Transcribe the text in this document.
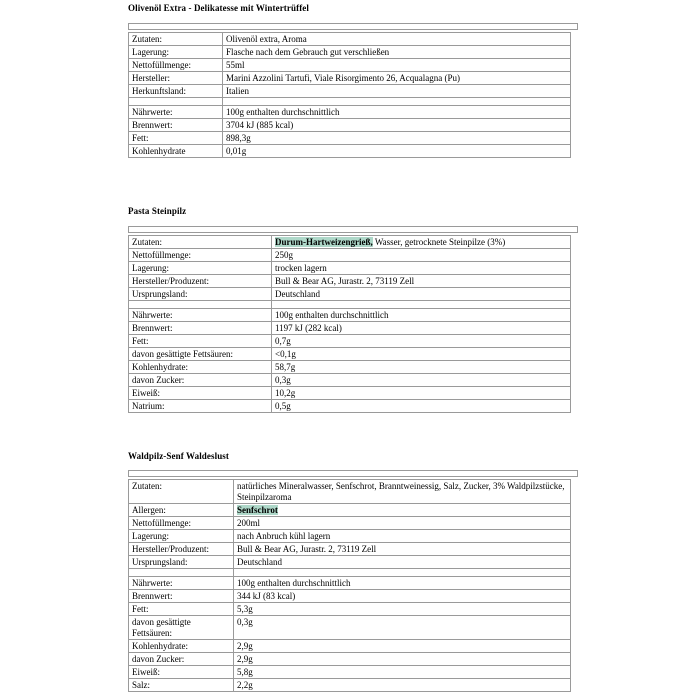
Olivenöl Extra - Delikatesse mit Wintertrüffel
Zutaten:	Olivenöl extra, Aroma
Lagerung:	Flasche nach dem Gebrauch gut verschließen
Nettofüllmenge:	55ml
Hersteller:	Marini Azzolini Tartufi, Viale Risorgimento 26, Acqualagna (Pu)
Herkunftsland:	Italien

Nährwerte:	100g enthalten durchschnittlich
Brennwert:	3704 kJ (885 kcal)
Fett:	898,3g
Kohlenhydrate	0,01g
Pasta Steinpilz
Zutaten:	Durum-Hartweizengrieß, Wasser, getrocknete Steinpilze (3%)
Nettofüllmenge:	250g
Lagerung:	trocken lagern
Hersteller/Produzent:	Bull & Bear AG, Jurastr. 2, 73119 Zell
Ursprungsland:	Deutschland

Nährwerte:	100g enthalten durchschnittlich
Brennwert:	1197 kJ (282 kcal)
Fett:	0,7g
davon gesättigte Fettsäuren:	<0,1g
Kohlenhydrate:	58,7g
davon Zucker:	0,3g
Eiweiß:	10,2g
Natrium:	0,5g
Waldpilz-Senf Waldeslust
Zutaten:	natürliches Mineralwasser, Senfschrot, Branntweinessig, Salz, Zucker, 3% Waldpilzstücke, Steinpilzaroma
Allergen:	Senfschrot
Nettofüllmenge:	200ml
Lagerung:	nach Anbruch kühl lagern
Hersteller/Produzent:	Bull & Bear AG, Jurastr. 2, 73119 Zell
Ursprungsland:	Deutschland

Nährwerte:	100g enthalten durchschnittlich
Brennwert:	344 kJ (83 kcal)
Fett:	5,3g
davon gesättigte Fettsäuren:	0,3g
Kohlenhydrate:	2,9g
davon Zucker:	2,9g
Eiweiß:	5,8g
Salz:	2,2g
